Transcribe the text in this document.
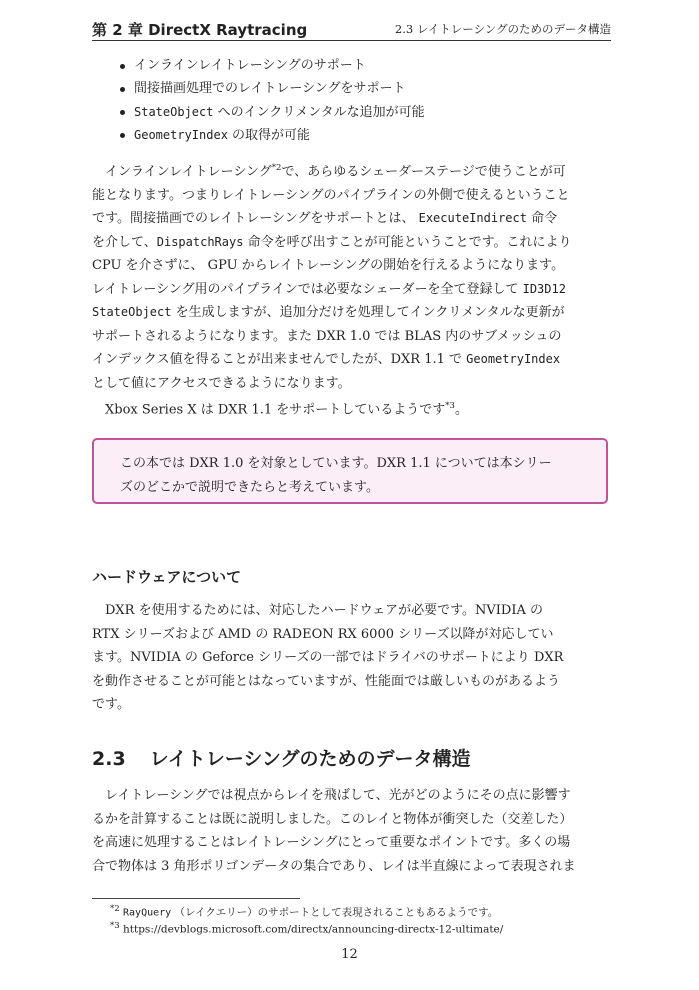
第 2 章 DirectX Raytracing	2.3 レイトレーシングのためのデータ構造
インラインレイトレーシングのサポート
間接描画処理でのレイトレーシングをサポート
StateObject へのインクリメンタルな追加が可能
GeometryIndex の取得が可能
　インラインレイトレーシング$^{*2}$で、あらゆるシェーダーステージで使うことが可
能となります。つまりレイトレーシングのパイプラインの外側で使えるということ
です。間接描画でのレイトレーシングをサポートとは、 ExecuteIndirect 命令
を介して、DispatchRays 命令を呼び出すことが可能ということです。これにより
CPU を介さずに、 GPU からレイトレーシングの開始を行えるようになります。
レイトレーシング用のパイプラインでは必要なシェーダーを全て登録して ID3D12
StateObject を生成しますが、追加分だけを処理してインクリメンタルな更新が
サポートされるようになります。また DXR 1.0 では BLAS 内のサブメッシュの
インデックス値を得ることが出来ませんでしたが、DXR 1.1 で GeometryIndex
として値にアクセスできるようになります。
　Xbox Series X は DXR 1.1 をサポートしているようです$^{*3}$。
この本では DXR 1.0 を対象としています。DXR 1.1 については本シリー
ズのどこかで説明できたらと考えています。
ハードウェアについて
　DXR を使用するためには、対応したハードウェアが必要です。NVIDIA の
RTX シリーズおよび AMD の RADEON RX 6000 シリーズ以降が対応してい
ます。NVIDIA の Geforce シリーズの一部ではドライバのサポートにより DXR
を動作させることが可能とはなっていますが、性能面では厳しいものがあるよう
です。
2.3 レイトレーシングのためのデータ構造
　レイトレーシングでは視点からレイを飛ばして、光がどのようにその点に影響す
るかを計算することは既に説明しました。このレイと物体が衝突した（交差した）
を高速に処理することはレイトレーシングにとって重要なポイントです。多くの場
合で物体は 3 角形ポリゴンデータの集合であり、レイは半直線によって表現されま
$^{*2}$ RayQuery （レイクエリー）のサポートとして表現されることもあるようです。
$^{*3}$ https://devblogs.microsoft.com/directx/announcing-directx-12-ultimate/
12
